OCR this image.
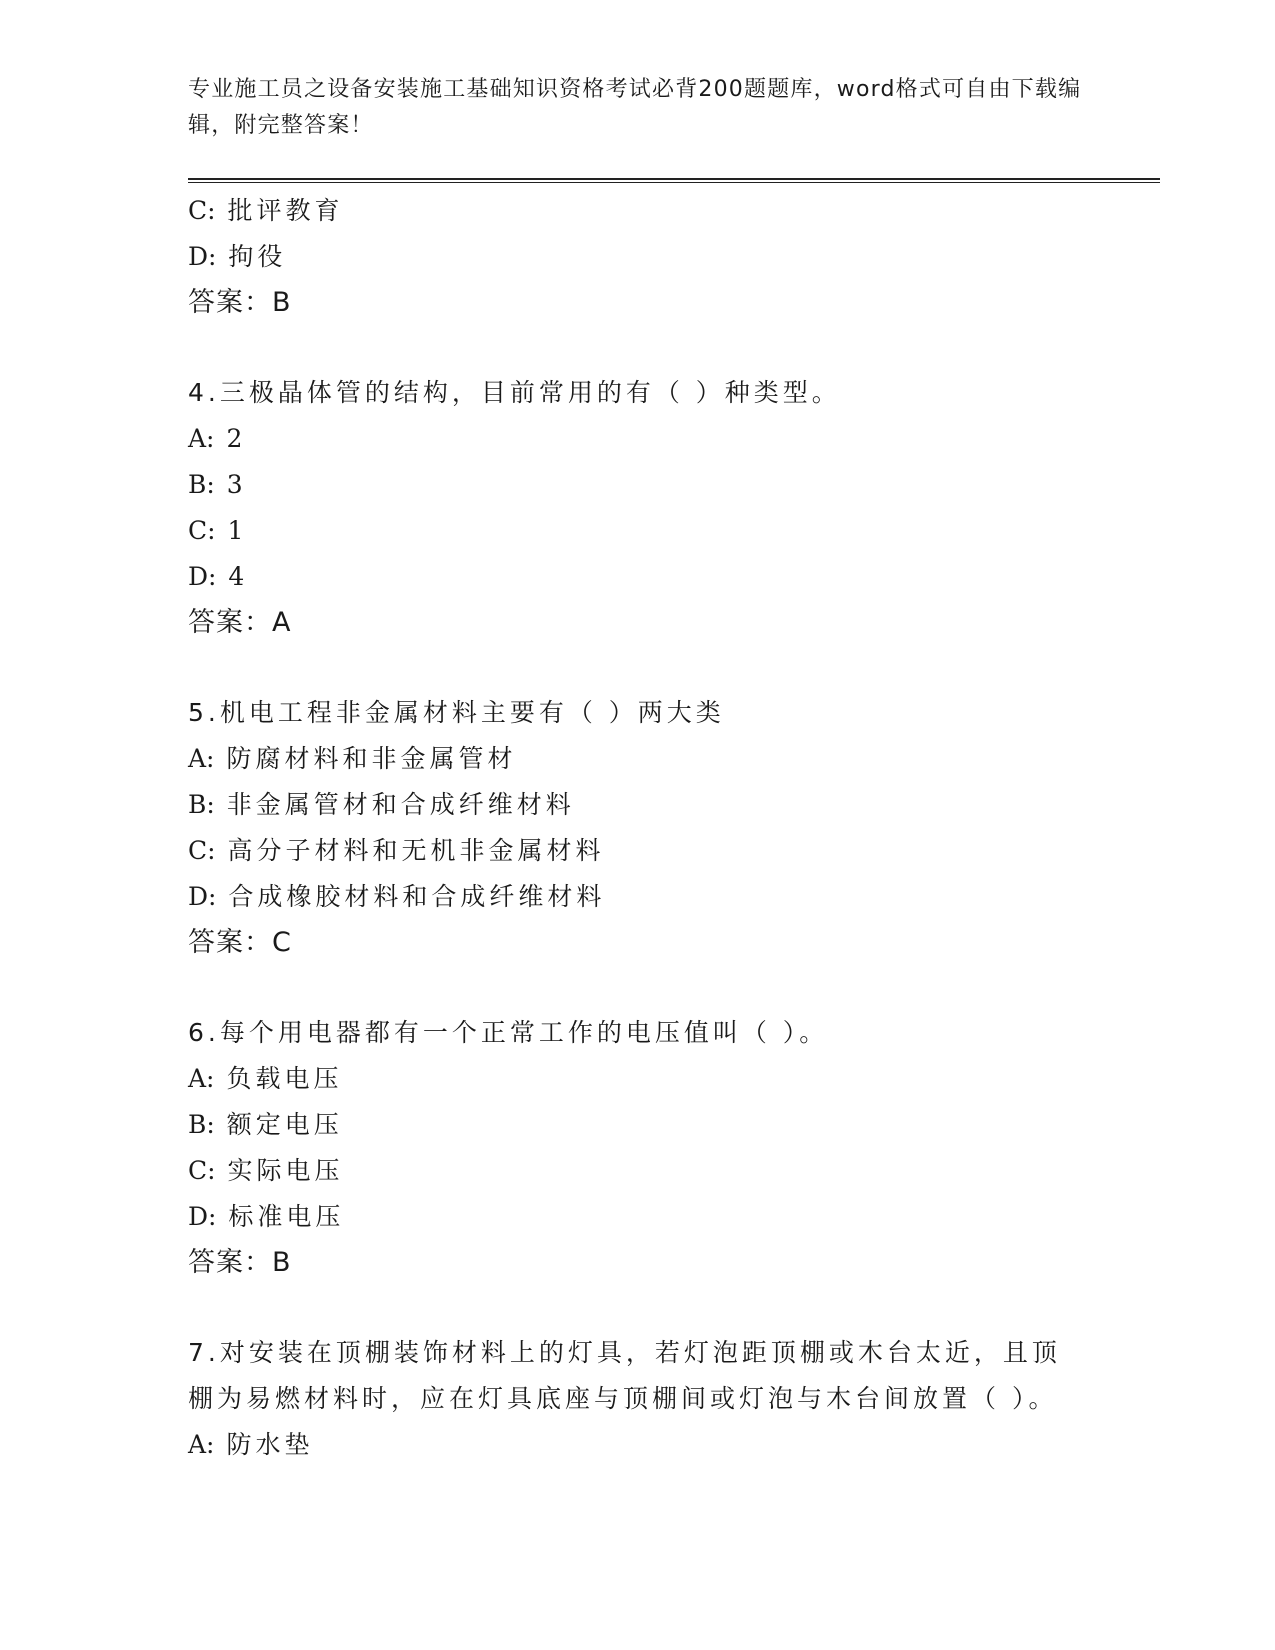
专业施工员之设备安装施工基础知识资格考试必背200题题库，word格式可自由下载编辑，附完整答案！
C: 批评教育
D: 拘役
答案：B
4.三极晶体管的结构，目前常用的有（ ）种类型。
A: 2
B: 3
C: 1
D: 4
答案：A
5.机电工程非金属材料主要有（ ）两大类
A: 防腐材料和非金属管材
B: 非金属管材和合成纤维材料
C: 高分子材料和无机非金属材料
D: 合成橡胶材料和合成纤维材料
答案：C
6.每个用电器都有一个正常工作的电压值叫（ ）。
A: 负载电压
B: 额定电压
C: 实际电压
D: 标准电压
答案：B
7.对安装在顶棚装饰材料上的灯具，若灯泡距顶棚或木台太近，且顶棚为易燃材料时，应在灯具底座与顶棚间或灯泡与木台间放置（ ）。
A: 防水垫
